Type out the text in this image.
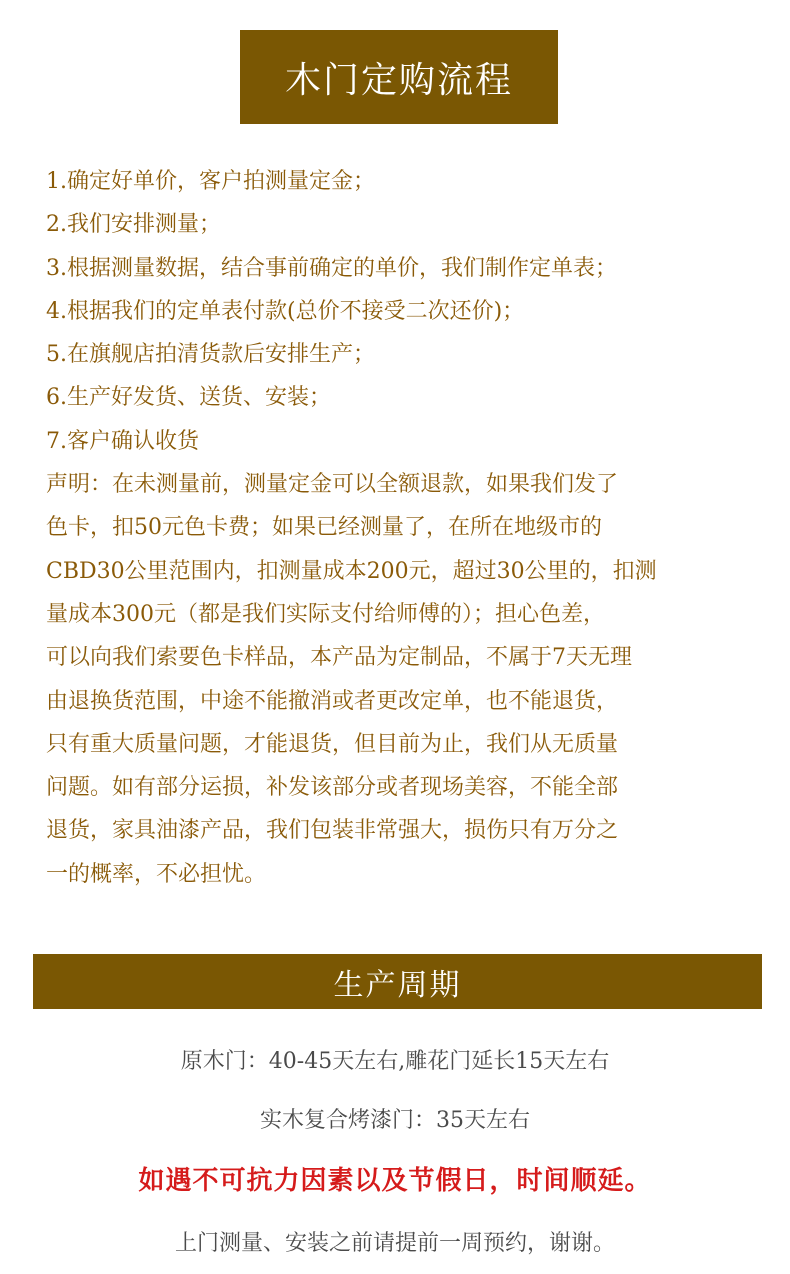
木门定购流程
1.确定好单价，客户拍测量定金；
2.我们安排测量；
3.根据测量数据，结合事前确定的单价，我们制作定单表；
4.根据我们的定单表付款(总价不接受二次还价)；
5.在旗舰店拍清货款后安排生产；
6.生产好发货、送货、安装；
7.客户确认收货
声明：在未测量前，测量定金可以全额退款，如果我们发了
色卡，扣50元色卡费；如果已经测量了，在所在地级市的
CBD30公里范围内，扣测量成本200元，超过30公里的，扣测
量成本300元（都是我们实际支付给师傅的）；担心色差，
可以向我们索要色卡样品，本产品为定制品，不属于7天无理
由退换货范围，中途不能撤消或者更改定单，也不能退货，
只有重大质量问题，才能退货，但目前为止，我们从无质量
问题。如有部分运损，补发该部分或者现场美容，不能全部
退货，家具油漆产品，我们包装非常强大，损伤只有万分之
一的概率，不必担忧。
生产周期
原木门：40-45天左右,雕花门延长15天左右
实木复合烤漆门：35天左右
如遇不可抗力因素以及节假日，时间顺延。
上门测量、安装之前请提前一周预约，谢谢。
